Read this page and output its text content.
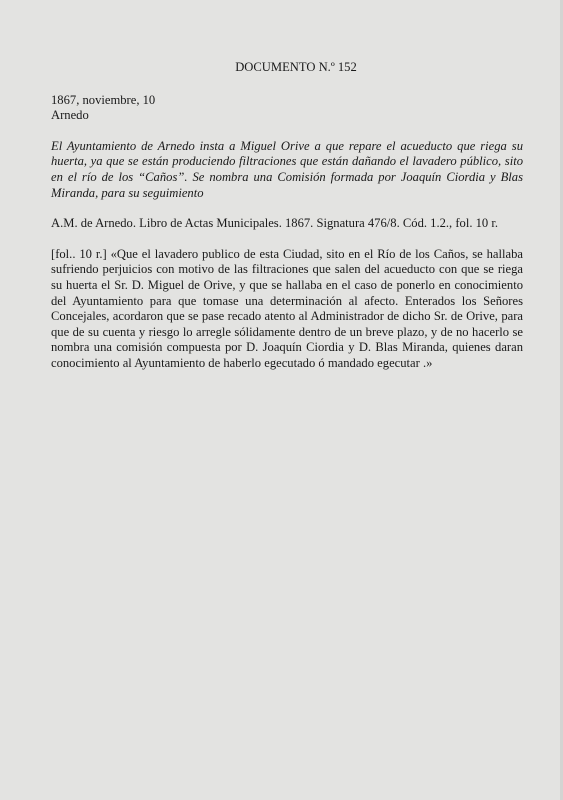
DOCUMENTO N.º 152
1867, noviembre, 10
Arnedo

El Ayuntamiento de Arnedo insta a Miguel Orive a que repare el acueducto que riega su huerta, ya que se están produciendo filtraciones que están dañando el lavadero público, sito en el río de los “Caños”. Se nombra una Comisión formada por Joaquín Ciordia y Blas Miranda, para su seguimiento

A.M. de Arnedo. Libro de Actas Municipales. 1867. Signatura 476/8. Cód. 1.2., fol. 10 r.

[fol.. 10 r.] «Que el lavadero publico de esta Ciudad, sito en el Río de los Caños, se hallaba sufriendo perjuicios con motivo de las filtraciones que salen del acueducto con que se riega su huerta el Sr. D. Miguel de Orive, y que se hallaba en el caso de ponerlo en conocimiento del Ayuntamiento para que tomase una determinación al afecto. Enterados los Señores Concejales, acordaron que se pase recado atento al Administrador de dicho Sr. de Orive, para que de su cuenta y riesgo lo arregle sólidamente dentro de un breve plazo, y de no hacerlo se nombra una comisión compuesta por D. Joaquín Ciordia y D. Blas Miranda, quienes daran conocimiento al Ayuntamiento de haberlo egecutado ó mandado egecutar .»
